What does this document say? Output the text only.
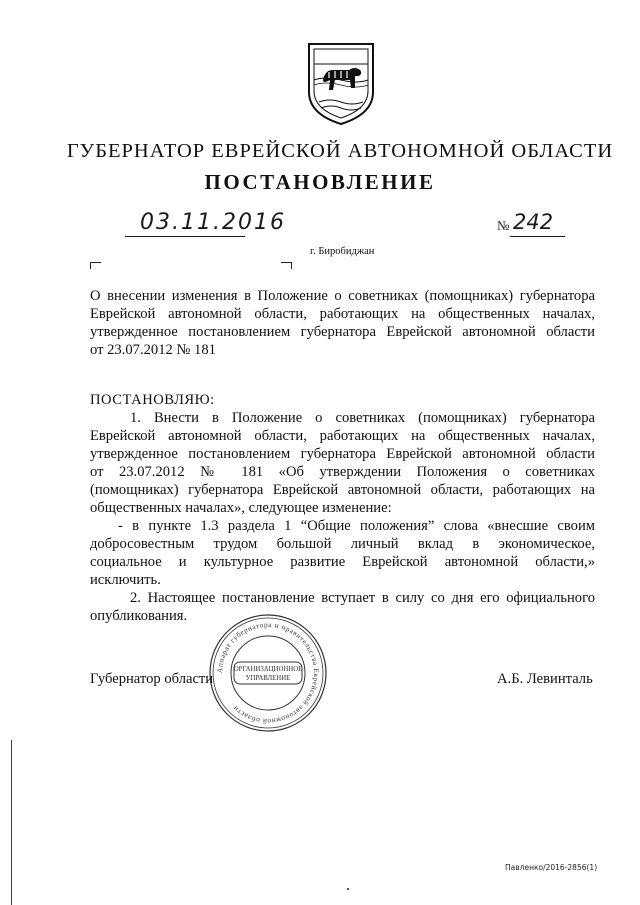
ГУБЕРНАТОР ЕВРЕЙСКОЙ АВТОНОМНОЙ ОБЛАСТИ
ПОСТАНОВЛЕНИЕ
03.11.2016	№ 242
г. Биробиджан
О внесении изменения в Положение о советниках (помощниках) губернатора
Еврейской автономной области, работающих на общественных началах,
утвержденное постановлением губернатора Еврейской автономной области
от 23.07.2012 № 181
ПОСТАНОВЛЯЮ:
1. Внести в Положение о советниках (помощниках) губернатора
Еврейской автономной области, работающих на общественных началах,
утвержденное постановлением губернатора Еврейской автономной области
от 23.07.2012 № 181 «Об утверждении Положения о советниках
(помощниках) губернатора Еврейской автономной области, работающих на
общественных началах», следующее изменение:
- в пункте 1.3 раздела 1 “Общие положения” слова «внесшие своим
добросовестным трудом большой личный вклад в экономическое,
социальное и культурное развитие Еврейской автономной области,»
исключить.
2. Настоящее постановление вступает в силу со дня его официального
опубликования.
Аппарат губернатора и правительства Еврейской автономной области
ОРГАНИЗАЦИОННОЕ
УПРАВЛЕНИЕ
Губернатор области	А.Б. Левинталь
Павленко/2016-2856(1)
